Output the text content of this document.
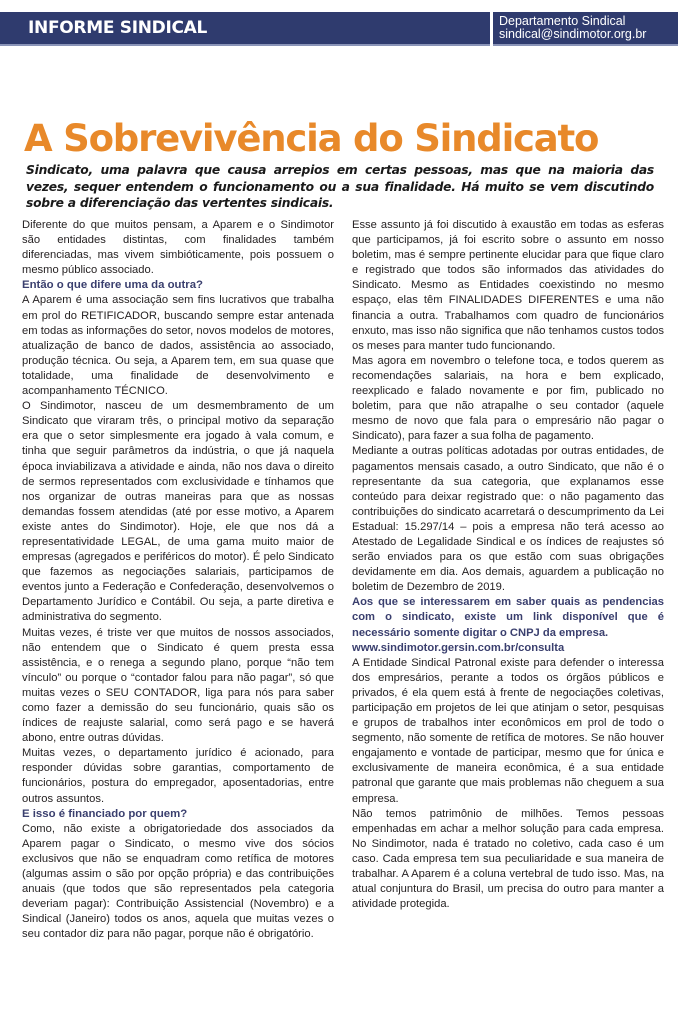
INFORME SINDICAL	Departamento Sindical
sindical@sindimotor.org.br
A Sobrevivência do Sindicato

Sindicato, uma palavra que causa arrepios em certas pessoas, mas que na maioria das vezes, sequer entendem o funcionamento ou a sua finalidade. Há muito se vem discutindo sobre a diferenciação das vertentes sindicais.

Diferente do que muitos pensam, a Aparem e o Sindimotor são entidades distintas, com finalidades também diferenciadas, mas vivem simbióticamente, pois possuem o mesmo público associado.

Então o que difere uma da outra?

A Aparem é uma associação sem fins lucrativos que trabalha em prol do RETIFICADOR, buscando sempre estar antenada em todas as informações do setor, novos modelos de motores, atualização de banco de dados, assistência ao associado, produção técnica. Ou seja, a Aparem tem, em sua quase que totalidade, uma finalidade de desenvolvimento e acompanhamento TÉCNICO.

O Sindimotor, nasceu de um desmembramento de um Sindicato que viraram três, o principal motivo da separação era que o setor simplesmente era jogado à vala comum, e tinha que seguir parâmetros da indústria, o que já naquela época inviabilizava a atividade e ainda, não nos dava o direito de sermos representados com exclusividade e tínhamos que nos organizar de outras maneiras para que as nossas demandas fossem atendidas (até por esse motivo, a Aparem existe antes do Sindimotor). Hoje, ele que nos dá a representatividade LEGAL, de uma gama muito maior de empresas (agregados e periféricos do motor). É pelo Sindicato que fazemos as negociações salariais, participamos de eventos junto a Federação e Confederação, desenvolvemos o Departamento Jurídico e Contábil. Ou seja, a parte diretiva e administrativa do segmento.

Muitas vezes, é triste ver que muitos de nossos associados, não entendem que o Sindicato é quem presta essa assistência, e o renega a segundo plano, porque “não tem vínculo” ou porque o “contador falou para não pagar”, só que muitas vezes o SEU CONTADOR, liga para nós para saber como fazer a demissão do seu funcionário, quais são os índices de reajuste salarial, como será pago e se haverá abono, entre outras dúvidas.

Muitas vezes, o departamento jurídico é acionado, para responder dúvidas sobre garantias, comportamento de funcionários, postura do empregador, aposentadorias, entre outros assuntos.

E isso é financiado por quem?

Como, não existe a obrigatoriedade dos associados da Aparem pagar o Sindicato, o mesmo vive dos sócios exclusivos que não se enquadram como retífica de motores (algumas assim o são por opção própria) e das contribuições anuais (que todos que são representados pela categoria deveriam pagar): Contribuição Assistencial (Novembro) e a Sindical (Janeiro) todos os anos, aquela que muitas vezes o seu contador diz para não pagar, porque não é obrigatório.

Esse assunto já foi discutido à exaustão em todas as esferas que participamos, já foi escrito sobre o assunto em nosso boletim, mas é sempre pertinente elucidar para que fique claro e registrado que todos são informados das atividades do Sindicato. Mesmo as Entidades coexistindo no mesmo espaço, elas têm FINALIDADES DIFERENTES e uma não financia a outra. Trabalhamos com quadro de funcionários enxuto, mas isso não significa que não tenhamos custos todos os meses para manter tudo funcionando.

Mas agora em novembro o telefone toca, e todos querem as recomendações salariais, na hora e bem explicado, reexplicado e falado novamente e por fim, publicado no boletim, para que não atrapalhe o seu contador (aquele mesmo de novo que fala para o empresário não pagar o Sindicato), para fazer a sua folha de pagamento.

Mediante a outras políticas adotadas por outras entidades, de pagamentos mensais casado, a outro Sindicato, que não é o representante da sua categoria, que explanamos esse conteúdo para deixar registrado que: o não pagamento das contribuições do sindicato acarretará o descumprimento da Lei Estadual: 15.297/14 – pois a empresa não terá acesso ao Atestado de Legalidade Sindical e os índices de reajustes só serão enviados para os que estão com suas obrigações devidamente em dia. Aos demais, aguardem a publicação no boletim de Dezembro de 2019.

Aos que se interessarem em saber quais as pendencias com o sindicato, existe um link disponível que é necessário somente digitar o CNPJ da empresa.

www.sindimotor.gersin.com.br/consulta

A Entidade Sindical Patronal existe para defender o interessa dos empresários, perante a todos os órgãos públicos e privados, é ela quem está à frente de negociações coletivas, participação em projetos de lei que atinjam o setor, pesquisas e grupos de trabalhos inter econômicos em prol de todo o segmento, não somente de retífica de motores. Se não houver engajamento e vontade de participar, mesmo que for única e exclusivamente de maneira econômica, é a sua entidade patronal que garante que mais problemas não cheguem a sua empresa.

Não temos patrimônio de milhões. Temos pessoas empenhadas em achar a melhor solução para cada empresa. No Sindimotor, nada é tratado no coletivo, cada caso é um caso. Cada empresa tem sua peculiaridade e sua maneira de trabalhar. A Aparem é a coluna vertebral de tudo isso. Mas, na atual conjuntura do Brasil, um precisa do outro para manter a atividade protegida.
